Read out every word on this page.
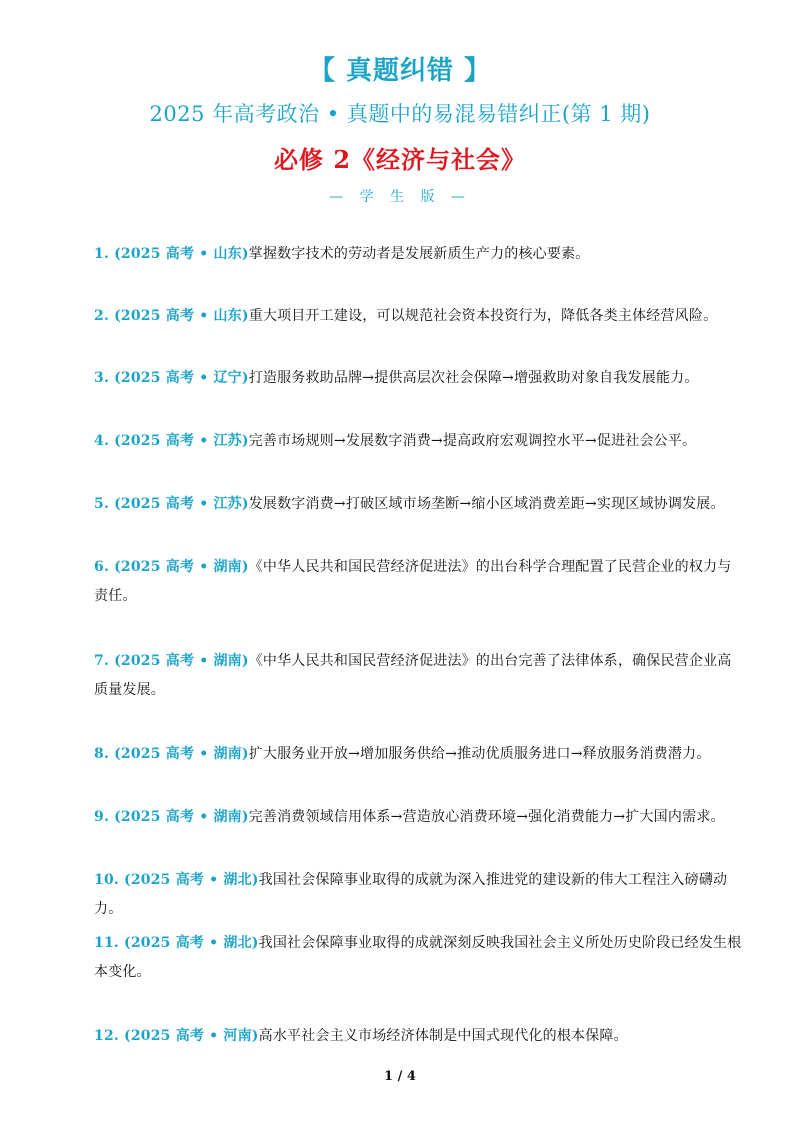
【 真题纠错 】
2025 年高考政治 • 真题中的易混易错纠正(第 1 期)
必修 2《经济与社会》
— 学 生 版 —
1. (2025 高考 • 山东)掌握数字技术的劳动者是发展新质生产力的核心要素。
2. (2025 高考 • 山东)重大项目开工建设，可以规范社会资本投资行为，降低各类主体经营风险。
3. (2025 高考 • 辽宁)打造服务救助品牌→提供高层次社会保障→增强救助对象自我发展能力。
4. (2025 高考 • 江苏)完善市场规则→发展数字消费→提高政府宏观调控水平→促进社会公平。
5. (2025 高考 • 江苏)发展数字消费→打破区域市场垄断→缩小区域消费差距→实现区域协调发展。
6. (2025 高考 • 湖南)《中华人民共和国民营经济促进法》的出台科学合理配置了民营企业的权力与责任。
7. (2025 高考 • 湖南)《中华人民共和国民营经济促进法》的出台完善了法律体系，确保民营企业高质量发展。
8. (2025 高考 • 湖南)扩大服务业开放→增加服务供给→推动优质服务进口→释放服务消费潜力。
9. (2025 高考 • 湖南)完善消费领域信用体系→营造放心消费环境→强化消费能力→扩大国内需求。
10. (2025 高考 • 湖北)我国社会保障事业取得的成就为深入推进党的建设新的伟大工程注入磅礴动力。
11. (2025 高考 • 湖北)我国社会保障事业取得的成就深刻反映我国社会主义所处历史阶段已经发生根本变化。
12. (2025 高考 • 河南)高水平社会主义市场经济体制是中国式现代化的根本保障。
1 / 4
